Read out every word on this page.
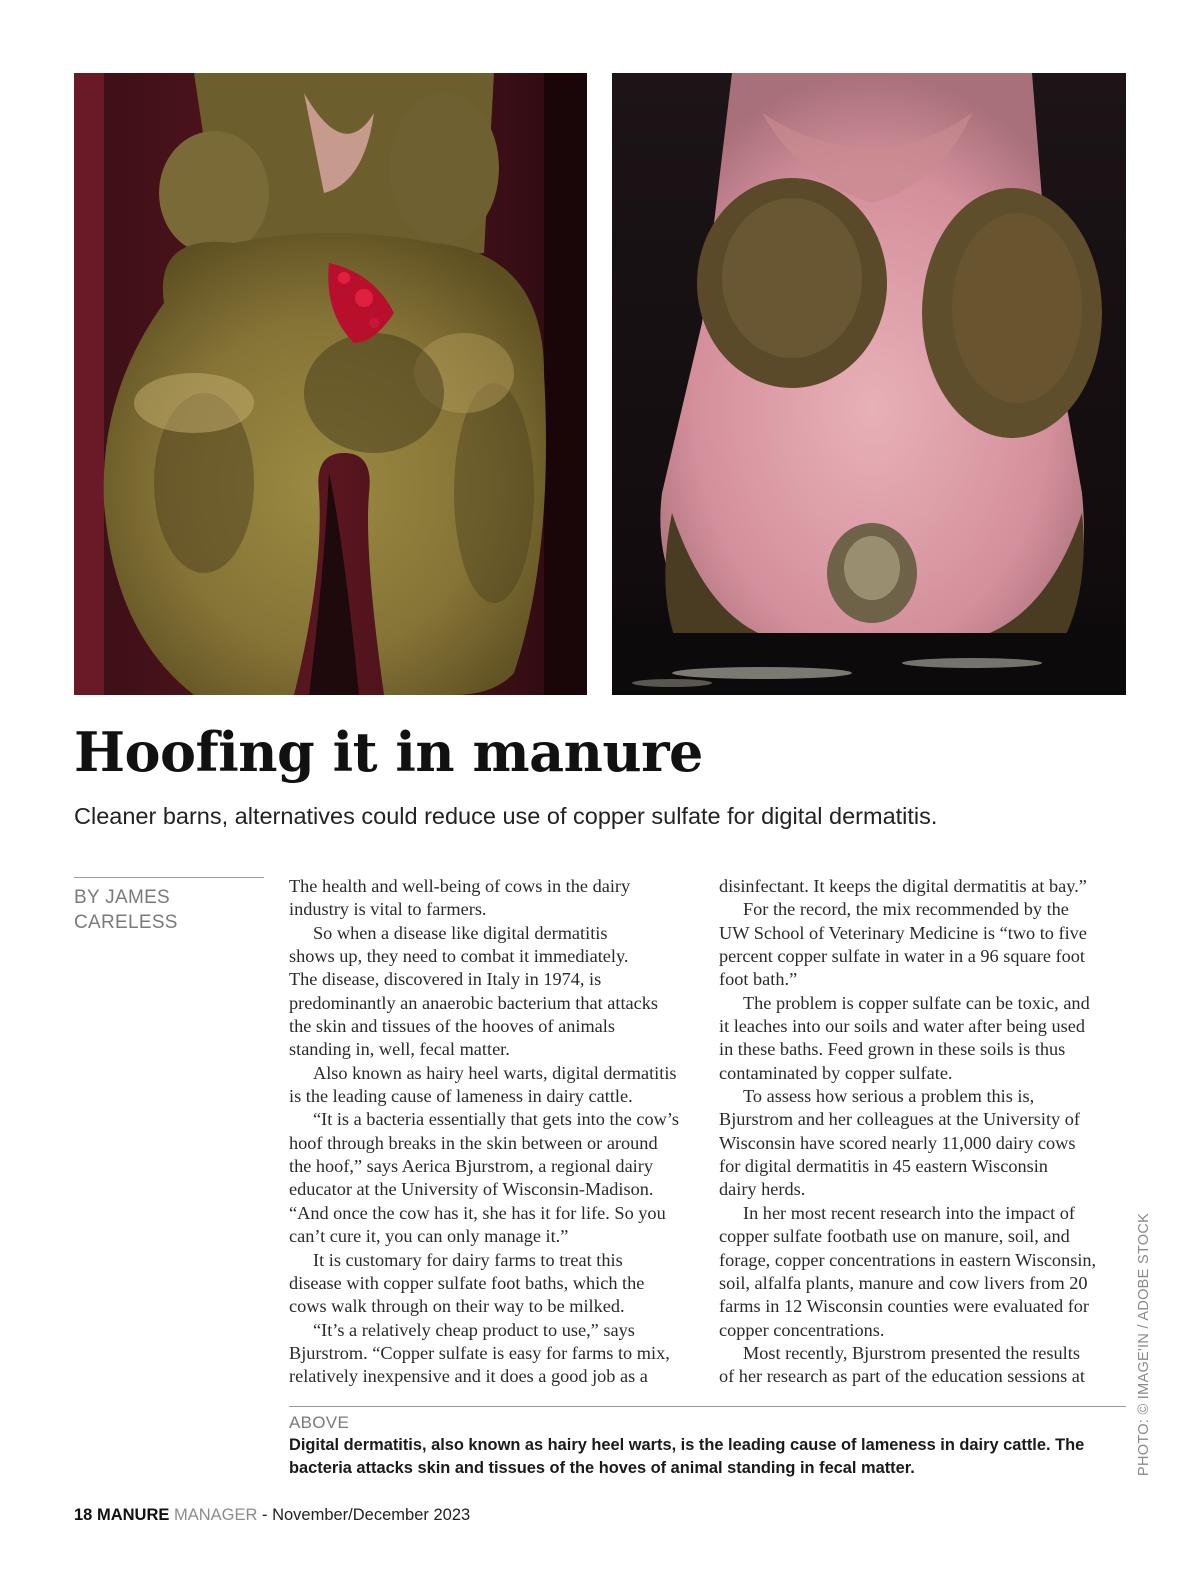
Hoofing it in manure
Cleaner barns, alternatives could reduce use of copper sulfate for digital dermatitis.
BY JAMES
CARELESS
The health and well-being of cows in the dairy
industry is vital to farmers.
So when a disease like digital dermatitis
shows up, they need to combat it immediately.
The disease, discovered in Italy in 1974, is
predominantly an anaerobic bacterium that attacks
the skin and tissues of the hooves of animals
standing in, well, fecal matter.
Also known as hairy heel warts, digital dermatitis
is the leading cause of lameness in dairy cattle.
“It is a bacteria essentially that gets into the cow’s
hoof through breaks in the skin between or around
the hoof,” says Aerica Bjurstrom, a regional dairy
educator at the University of Wisconsin-Madison.
“And once the cow has it, she has it for life. So you
can’t cure it, you can only manage it.”
It is customary for dairy farms to treat this
disease with copper sulfate foot baths, which the
cows walk through on their way to be milked.
“It’s a relatively cheap product to use,” says
Bjurstrom. “Copper sulfate is easy for farms to mix,
relatively inexpensive and it does a good job as a
disinfectant. It keeps the digital dermatitis at bay.”
For the record, the mix recommended by the
UW School of Veterinary Medicine is “two to five
percent copper sulfate in water in a 96 square foot
foot bath.”
The problem is copper sulfate can be toxic, and
it leaches into our soils and water after being used
in these baths. Feed grown in these soils is thus
contaminated by copper sulfate.
To assess how serious a problem this is,
Bjurstrom and her colleagues at the University of
Wisconsin have scored nearly 11,000 dairy cows
for digital dermatitis in 45 eastern Wisconsin
dairy herds.
In her most recent research into the impact of
copper sulfate footbath use on manure, soil, and
forage, copper concentrations in eastern Wisconsin,
soil, alfalfa plants, manure and cow livers from 20
farms in 12 Wisconsin counties were evaluated for
copper concentrations.
Most recently, Bjurstrom presented the results
of her research as part of the education sessions at
ABOVE
Digital dermatitis, also known as hairy heel warts, is the leading cause of lameness in dairy cattle. The bacteria attacks skin and tissues of the hoves of animal standing in fecal matter.	PHOTO: © IMAGE'IN / ADOBE STOCK
18 MANURE MANAGER - November/December 2023
